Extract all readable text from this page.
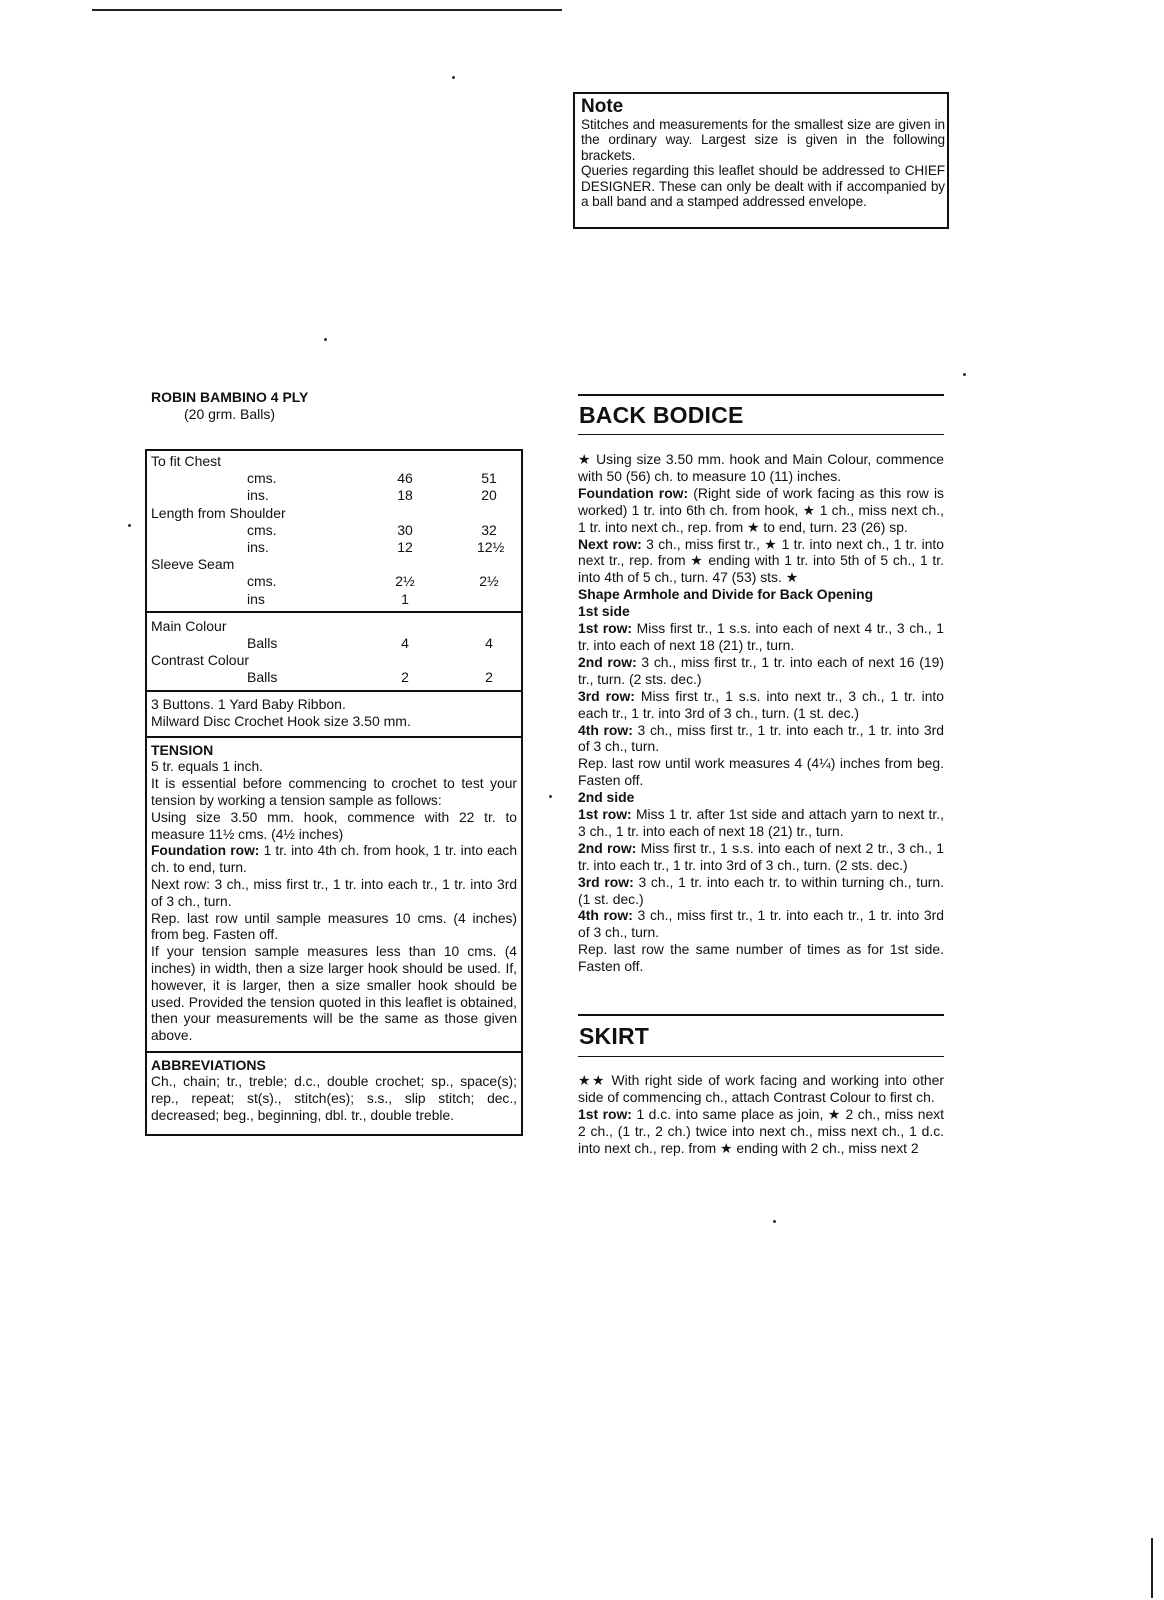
Note

Stitches and measurements for the smallest size are given in the ordinary way. Largest size is given in the following brackets.

Queries regarding this leaflet should be addressed to CHIEF DESIGNER. These can only be dealt with if accompanied by a ball band and a stamped addressed envelope.

ROBIN BAMBINO 4 PLY
(20 grm. Balls)
To fit Chest
cms.	46	51
ins.	18	20
Length from Shoulder
cms.	30	32
ins.	12	12½
Sleeve Seam
cms.	2½	2½
ins	1
Main Colour
Balls	4	4
Contrast Colour
Balls	2	2
3 Buttons. 1 Yard Baby Ribbon.
Milward Disc Crochet Hook size 3.50 mm.
TENSION

5 tr. equals 1 inch.

It is essential before commencing to crochet to test your tension by working a tension sample as follows:

Using size 3.50 mm. hook, commence with 22 tr. to measure 11½ cms. (4½ inches)

Foundation row: 1 tr. into 4th ch. from hook, 1 tr. into each ch. to end, turn.

Next row: 3 ch., miss first tr., 1 tr. into each tr., 1 tr. into 3rd of 3 ch., turn.

Rep. last row until sample measures 10 cms. (4 inches) from beg. Fasten off.

If your tension sample measures less than 10 cms. (4 inches) in width, then a size larger hook should be used. If, however, it is larger, then a size smaller hook should be used. Provided the tension quoted in this leaflet is obtained, then your measurements will be the same as those given above.

ABBREVIATIONS

Ch., chain; tr., treble; d.c., double crochet; sp., space(s); rep., repeat; st(s)., stitch(es); s.s., slip stitch; dec., decreased; beg., beginning, dbl. tr., double treble.

BACK BODICE

★ Using size 3.50 mm. hook and Main Colour, commence with 50 (56) ch. to measure 10 (11) inches.

Foundation row: (Right side of work facing as this row is worked) 1 tr. into 6th ch. from hook, ★ 1 ch., miss next ch., 1 tr. into next ch., rep. from ★ to end, turn. 23 (26) sp.

Next row: 3 ch., miss first tr., ★ 1 tr. into next ch., 1 tr. into next tr., rep. from ★ ending with 1 tr. into 5th of 5 ch., 1 tr. into 4th of 5 ch., turn. 47 (53) sts. ★

Shape Armhole and Divide for Back Opening

1st side

1st row: Miss first tr., 1 s.s. into each of next 4 tr., 3 ch., 1 tr. into each of next 18 (21) tr., turn.

2nd row: 3 ch., miss first tr., 1 tr. into each of next 16 (19) tr., turn. (2 sts. dec.)

3rd row: Miss first tr., 1 s.s. into next tr., 3 ch., 1 tr. into each tr., 1 tr. into 3rd of 3 ch., turn. (1 st. dec.)

4th row: 3 ch., miss first tr., 1 tr. into each tr., 1 tr. into 3rd of 3 ch., turn.

Rep. last row until work measures 4 (4¼) inches from beg. Fasten off.

2nd side

1st row: Miss 1 tr. after 1st side and attach yarn to next tr., 3 ch., 1 tr. into each of next 18 (21) tr., turn.

2nd row: Miss first tr., 1 s.s. into each of next 2 tr., 3 ch., 1 tr. into each tr., 1 tr. into 3rd of 3 ch., turn. (2 sts. dec.)

3rd row: 3 ch., 1 tr. into each tr. to within turning ch., turn. (1 st. dec.)

4th row: 3 ch., miss first tr., 1 tr. into each tr., 1 tr. into 3rd of 3 ch., turn.

Rep. last row the same number of times as for 1st side. Fasten off.

SKIRT

★★ With right side of work facing and working into other side of commencing ch., attach Contrast Colour to first ch.

1st row: 1 d.c. into same place as join, ★ 2 ch., miss next 2 ch., (1 tr., 2 ch.) twice into next ch., miss next ch., 1 d.c. into next ch., rep. from ★ ending with 2 ch., miss next 2
